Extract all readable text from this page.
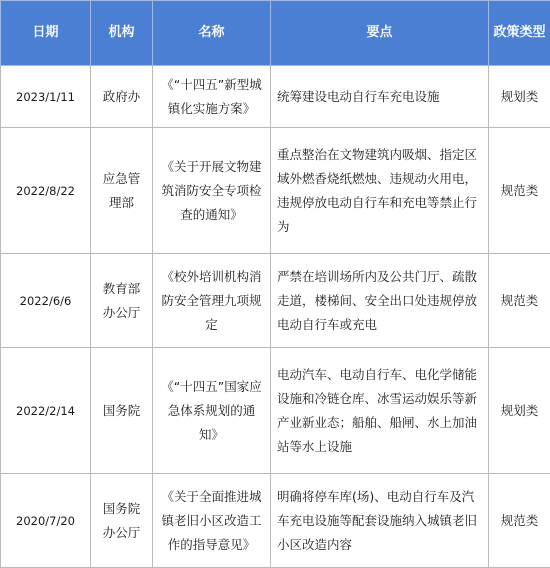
日期	机构	名称	要点	政策类型
2023/1/11	政府办	《“十四五”新型城镇化实施方案》	统筹建设电动自行车充电设施	规划类
2022/8/22	应急管理部	《关于开展文物建筑消防安全专项检查的通知》	重点整治在文物建筑内吸烟、指定区域外燃香烧纸燃烛、违规动火用电，违规停放电动自行车和充电等禁止行为	规范类
2022/6/6	教育部办公厅	《校外培训机构消防安全管理九项规定	严禁在培训场所内及公共门厅、疏散走道，楼梯间、安全出口处违规停放电动自行车或充电	规范类
2022/2/14	国务院	《“十四五”国家应急体系规划的通知》	电动汽车、电动自行车、电化学储能设施和冷链仓库、冰雪运动娱乐等新产业新业态；船舶、船闸、水上加油站等水上设施	规划类
2020/7/20	国务院办公厅	《关于全面推进城镇老旧小区改造工作的指导意见》	明确将停车库(场)、电动自行车及汽车充电设施等配套设施纳入城镇老旧小区改造内容	规范类
